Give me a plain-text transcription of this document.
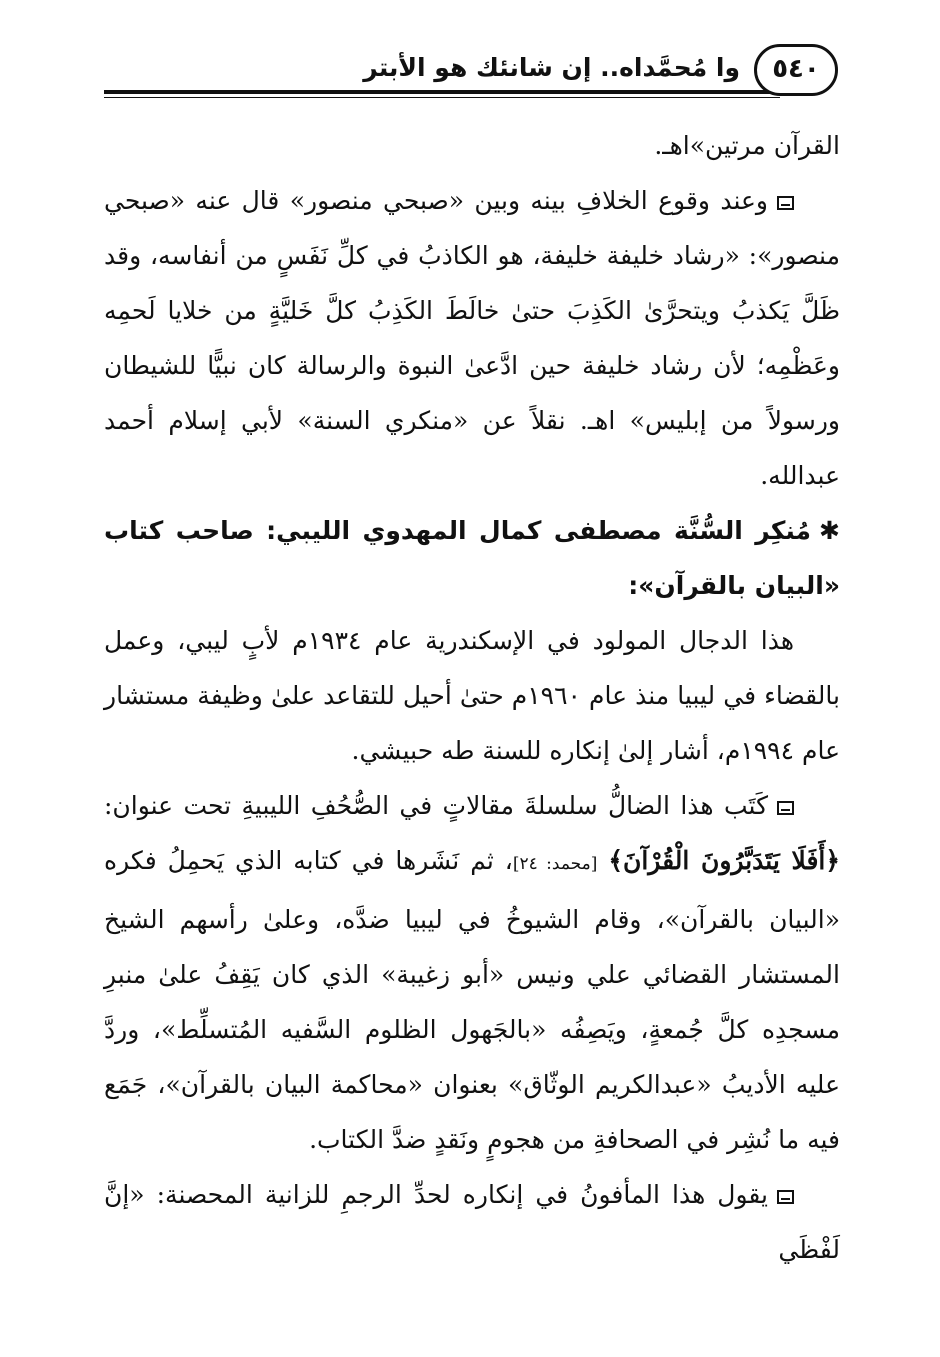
٥٤٠
وا مُحمَّداه.. إن شانئك هو الأبتر

القرآن مرتين»اهـ.

وعند وقوع الخلافِ بينه وبين «صبحي منصور» قال عنه «صبحي منصور»: «رشاد خليفة خليفة، هو الكاذبُ في كلِّ نَفَسٍ من أنفاسه، وقد ظَلَّ يَكذبُ ويتحرَّىٰ الكَذِبَ حتىٰ خالَطَ الكَذِبُ كلَّ خَليَّةٍ من خلايا لَحمِه وعَظْمِه؛ لأن رشاد خليفة حين ادَّعىٰ النبوة والرسالة كان نبيًّا للشيطان ورسولاً من إبليس» اهـ. نقلاً عن «منكري السنة» لأبي إسلام أحمد عبدالله.

✱مُنكِر السُّنَّة مصطفى كمال المهدوي الليبي: صاحب كتاب «البيان بالقرآن»:

هذا الدجال المولود في الإسكندرية عام ١٩٣٤م لأبٍ ليبي، وعمل بالقضاء في ليبيا منذ عام ١٩٦٠م حتىٰ أحيل للتقاعد علىٰ وظيفة مستشار عام ١٩٩٤م، أشار إلىٰ إنكاره للسنة طه حبيشي.

كَتَب هذا الضالُّ سلسلةَ مقالاتٍ في الصُّحُفِ الليبيةِ تحت عنوان: ﴿أَفَلَا يَتَدَبَّرُونَ الْقُرْآنَ﴾ [محمد: ٢٤]، ثم نَشَرها في كتابه الذي يَحمِلُ فكره «البيان بالقرآن»، وقام الشيوخُ في ليبيا ضدَّه، وعلىٰ رأسهم الشيخ المستشار القضائي علي ونيس «أبو زغيبة» الذي كان يَقِفُ علىٰ منبرِ مسجدِه كلَّ جُمعةٍ، ويَصِفُه «بالجَهول الظلوم السَّفيه المُتسلِّط»، وردَّ عليه الأديبُ «عبدالكريم الوثّاق» بعنوان «محاكمة البيان بالقرآن»، جَمَع فيه ما نُشِر في الصحافةِ من هجومٍ ونَقدٍ ضدَّ الكتاب.

يقول هذا المأفونُ في إنكاره لحدِّ الرجمِ للزانية المحصنة: «إنَّ لَفْظَي
